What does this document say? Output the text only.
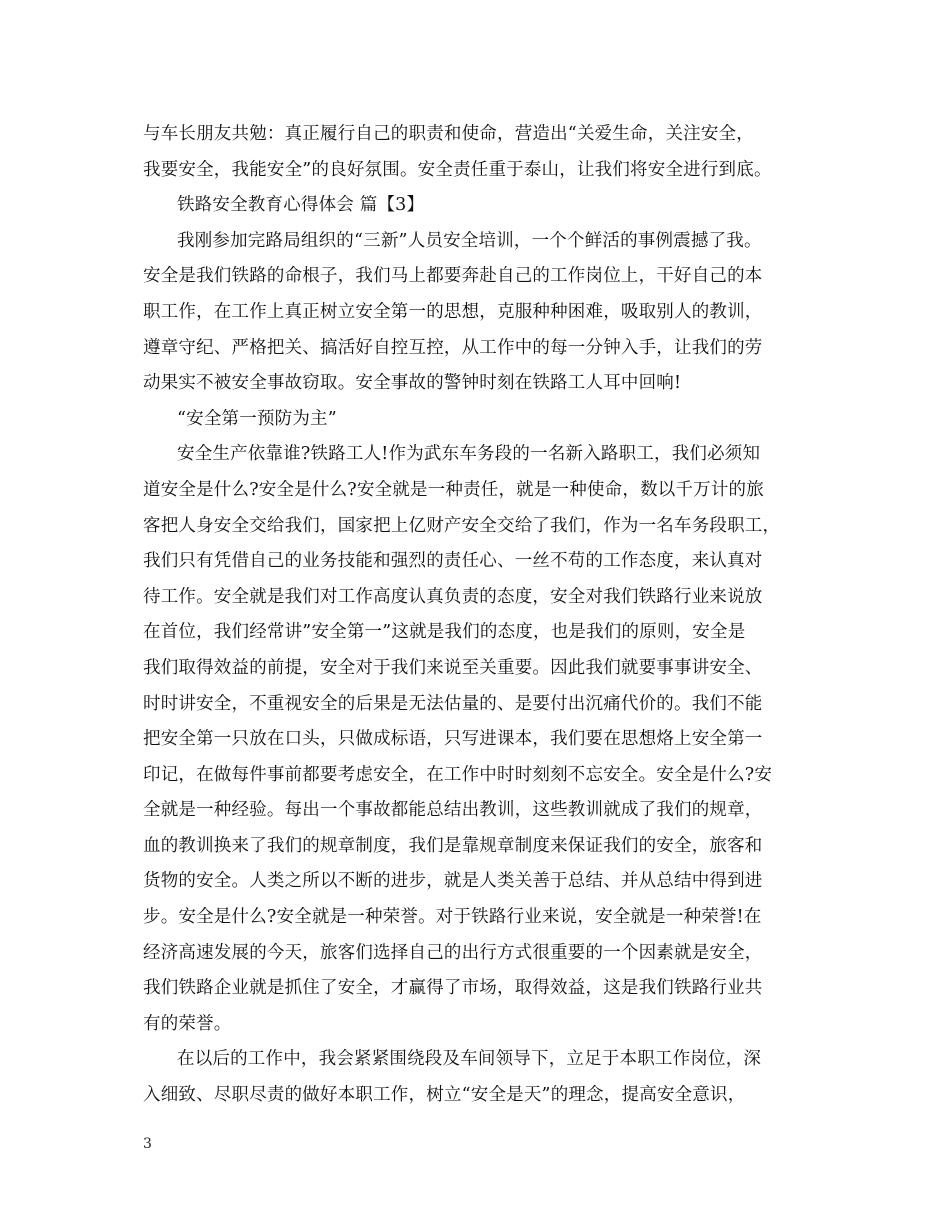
与车长朋友共勉：真正履行自己的职责和使命，营造出“关爱生命，关注安全，
我要安全，我能安全”的良好氛围。安全责任重于泰山，让我们将安全进行到底。
铁路安全教育心得体会 篇【3】
我刚参加完路局组织的“三新”人员安全培训，一个个鲜活的事例震撼了我。
安全是我们铁路的命根子，我们马上都要奔赴自己的工作岗位上，干好自己的本
职工作，在工作上真正树立安全第一的思想，克服种种困难，吸取别人的教训，
遵章守纪、严格把关、搞活好自控互控，从工作中的每一分钟入手，让我们的劳
动果实不被安全事故窃取。安全事故的警钟时刻在铁路工人耳中回响!
“安全第一预防为主”
安全生产依靠谁?铁路工人!作为武东车务段的一名新入路职工，我们必须知
道安全是什么?安全是什么?安全就是一种责任，就是一种使命，数以千万计的旅
客把人身安全交给我们，国家把上亿财产安全交给了我们，作为一名车务段职工，
我们只有凭借自己的业务技能和强烈的责任心、一丝不苟的工作态度，来认真对
待工作。安全就是我们对工作高度认真负责的态度，安全对我们铁路行业来说放
在首位，我们经常讲”安全第一”这就是我们的态度，也是我们的原则，安全是
我们取得效益的前提，安全对于我们来说至关重要。因此我们就要事事讲安全、
时时讲安全，不重视安全的后果是无法估量的、是要付出沉痛代价的。我们不能
把安全第一只放在口头，只做成标语，只写进课本，我们要在思想烙上安全第一
印记，在做每件事前都要考虑安全，在工作中时时刻刻不忘安全。安全是什么?安
全就是一种经验。每出一个事故都能总结出教训，这些教训就成了我们的规章，
血的教训换来了我们的规章制度，我们是靠规章制度来保证我们的安全，旅客和
货物的安全。人类之所以不断的进步，就是人类关善于总结、并从总结中得到进
步。安全是什么?安全就是一种荣誉。对于铁路行业来说，安全就是一种荣誉!在
经济高速发展的今天，旅客们选择自己的出行方式很重要的一个因素就是安全，
我们铁路企业就是抓住了安全，才赢得了市场，取得效益，这是我们铁路行业共
有的荣誉。
在以后的工作中，我会紧紧围绕段及车间领导下，立足于本职工作岗位，深
入细致、尽职尽责的做好本职工作，树立“安全是天”的理念，提高安全意识，
3
